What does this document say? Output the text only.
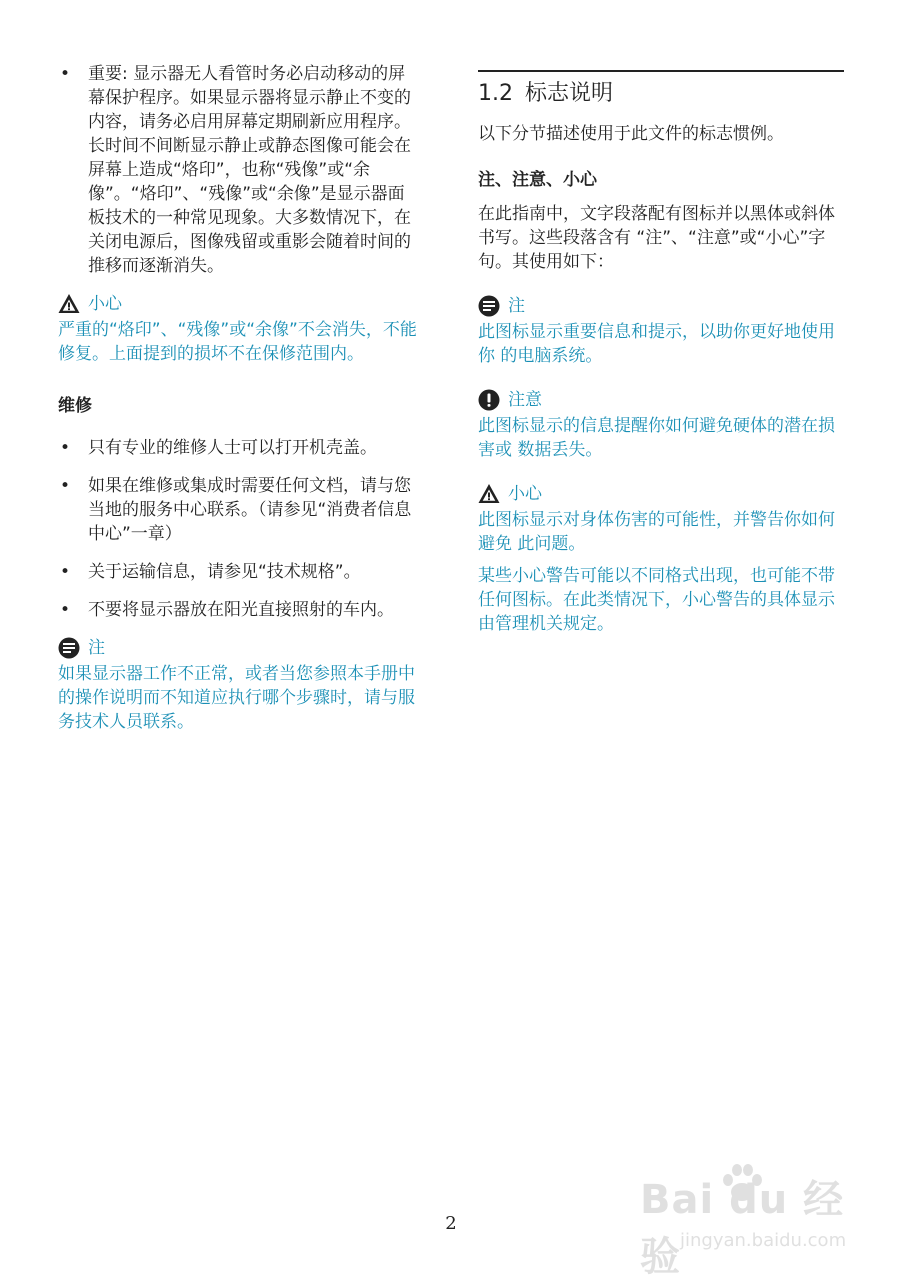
• 重要: 显示器无人看管时务必启动移动的屏幕保护程序。如果显示器将显示静止不变的内容，请务必启用屏幕定期刷新应用程序。长时间不间断显示静止或静态图像可能会在屏幕上造成“烙印”，也称“残像”或“余像”。“烙印”、“残像”或“余像”是显示器面板技术的一种常见现象。大多数情况下，在关闭电源后，图像残留或重影会随着时间的推移而逐渐消失。
小心

严重的“烙印”、“残像”或“余像”不会消失，不能修复。上面提到的损坏不在保修范围内。

维修
• 只有专业的维修人士可以打开机壳盖。
• 如果在维修或集成时需要任何文档，请与您当地的服务中心联系。（请参见“消费者信息中心”一章）
• 关于运输信息，请参见“技术规格”。
• 不要将显示器放在阳光直接照射的车内。
注

如果显示器工作不正常，或者当您参照本手册中的操作说明而不知道应执行哪个步骤时，请与服务技术人员联系。

1.2 标志说明

以下分节描述使用于此文件的标志惯例。

注、注意、小心

在此指南中，文字段落配有图标并以黑体或斜体书写。这些段落含有 “注”、“注意”或“小心”字句。其使用如下：

注

此图标显示重要信息和提示，以助你更好地使用你 的电脑系统。

注意

此图标显示的信息提醒你如何避免硬体的潜在损害或 数据丢失。

小心

此图标显示对身体伤害的可能性，并警告你如何避免 此问题。

某些小心警告可能以不同格式出现，也可能不带任何图标。在此类情况下，小心警告的具体显示由管理机关规定。

2
Bai du 经验 jingyan.baidu.com
